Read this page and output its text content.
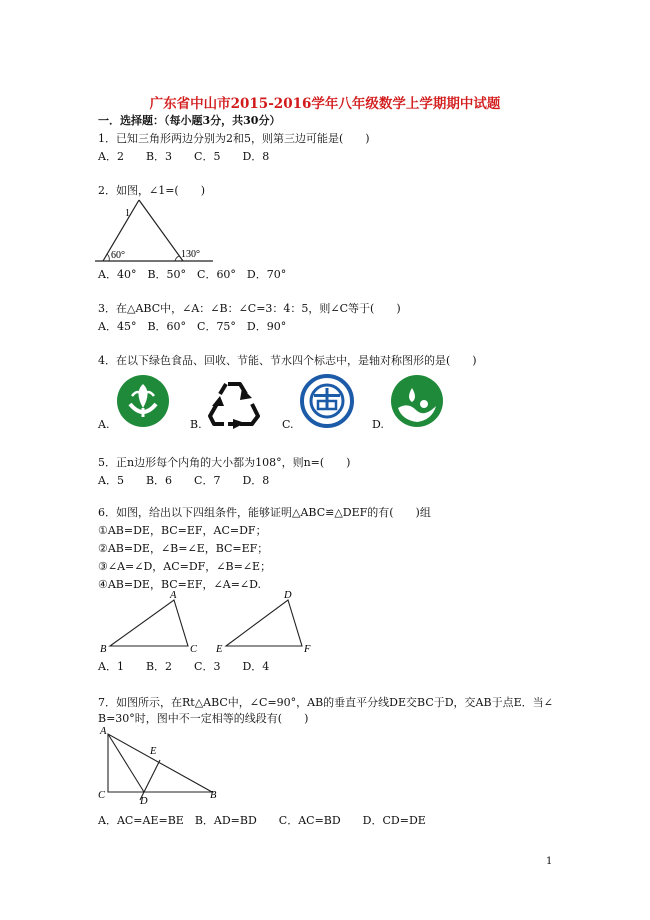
广东省中山市2015-2016学年八年级数学上学期期中试题
一．选择题：（每小题3分，共30分）
1．已知三角形两边分别为2和5，则第三边可能是(　　)
A．2　　B．3　　C．5　　D．8
2．如图，∠1=(　　)
1
60°	130°
A．40°　B．50°　C．60°　D．70°
3．在△ABC中，∠A：∠B：∠C=3：4：5，则∠C等于(　　)
A．45°　B．60°　C．75°　D．90°
4．在以下绿色食品、回收、节能、节水四个标志中，是轴对称图形的是(　　)
A.	B.	C.	D.
5．正n边形每个内角的大小都为108°，则n=(　　)
A．5　　B．6　　C．7　　D．8
6．如图，给出以下四组条件，能够证明△ABC≌△DEF的有(　　)组
①AB=DE，BC=EF，AC=DF；
②AB=DE，∠B=∠E，BC=EF；
③∠A=∠D，AC=DF，∠B=∠E；
④AB=DE，BC=EF，∠A=∠D.
A
B	C
D
E	F
A．1　　B．2　　C．3　　D．4
7．如图所示，在Rt△ABC中，∠C=90°，AB的垂直平分线DE交BC于D，交AB于点E．当∠
B=30°时，图中不一定相等的线段有(　　)
A
E
C
D
B
A．AC=AE=BE　B．AD=BD　　C．AC=BD　　D．CD=DE
1
